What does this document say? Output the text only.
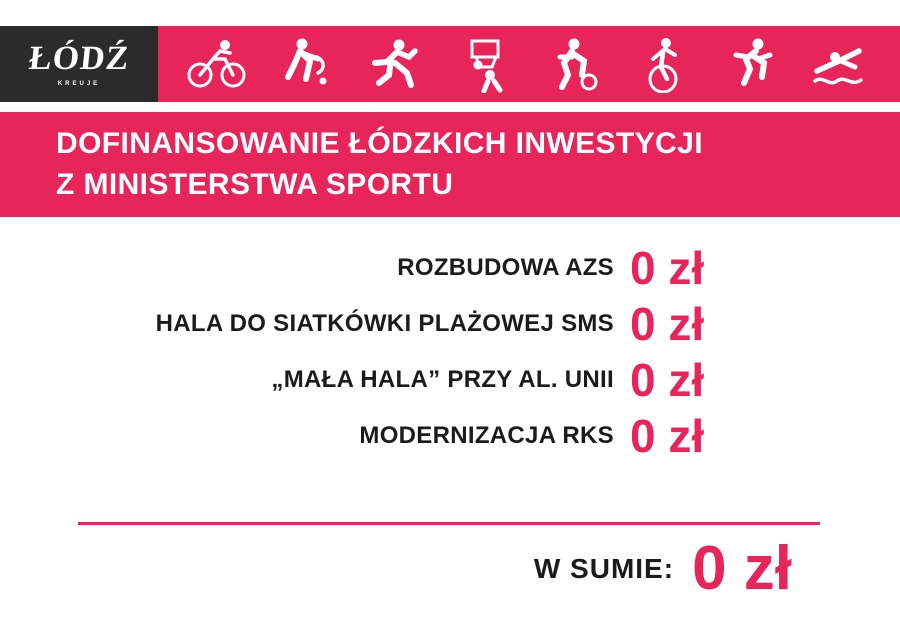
ŁÓDŹ
KREUJE
DOFINANSOWANIE ŁÓDZKICH INWESTYCJI
Z MINISTERSTWA SPORTU
ROZBUDOWA AZS 0 zł
HALA DO SIATKÓWKI PLAŻOWEJ SMS 0 zł
„MAŁA HALA” PRZY AL. UNII 0 zł
MODERNIZACJA RKS 0 zł
W SUMIE: 0 zł
